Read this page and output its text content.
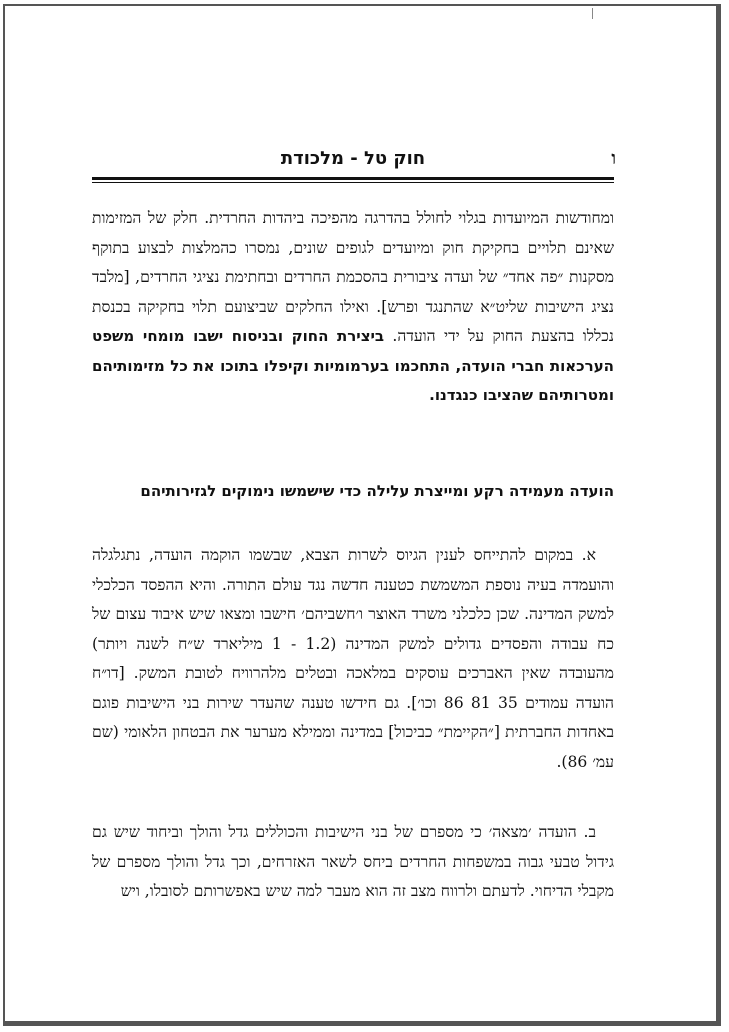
ו
חוק טל - מלכודת
ומחודשות המיועדות בגלוי לחולל בהדרגה מהפיכה ביהדות החרדית. חלק של המזימות שאינם תלויים בחקיקת חוק ומיועדים לגופים שונים, נמסרו כהמלצות לבצוע בתוקף מסקנות ״פה אחד״ של ועדה ציבורית בהסכמת החרדים ובחתימת נציגי החרדים, [מלבד נציג הישיבות שליט״א שהתנגד ופרש]. ואילו החלקים שביצועם תלוי בחקיקה בכנסת נכללו בהצעת החוק על ידי הועדה. ביצירת החוק ובניסוח ישבו מומחי משפט הערכאות חברי הועדה, התחכמו בערמומיות וקיפלו בתוכו את כל מזימותיהם ומטרותיהם שהציבו כנגדנו.
הועדה מעמידה רקע ומייצרת עלילה כדי שישמשו נימוקים לגזירותיהם
א. במקום להתייחס לענין הגיוס לשרות הצבא, שבשמו הוקמה הועדה, נתגלגלה והועמדה בעיה נוספת המשמשת כטענה חדשה נגד עולם התורה. והיא ההפסד הכלכלי למשק המדינה. שכן כלכלני משרד האוצר ו׳חשביהם׳ חישבו ומצאו שיש איבוד עצום של כח עבודה והפסדים גדולים למשק המדינה (1.2 - 1 מיליארד ש״ח לשנה ויותר) מהעובדה שאין האברכים עוסקים במלאכה ובטלים מלהרוויח לטובת המשק. [דו״ח הועדה עמודים 35 81 86 וכו׳]. גם חידשו טענה שהעדר שירות בני הישיבות פוגם באחדות החברתית [״הקיימת״ כביכול] במדינה וממילא מערער את הבטחון הלאומי (שם עמ׳ 86).
ב. הועדה ׳מצאה׳ כי מספרם של בני הישיבות והכוללים גדל והולך וביחוד שיש גם גידול טבעי גבוה במשפחות החרדים ביחס לשאר האזרחים, וכך גדל והולך מספרם של מקבלי הדיחוי. לדעתם ולרווח מצב זה הוא מעבר למה שיש באפשרותם לסובלו, ויש
